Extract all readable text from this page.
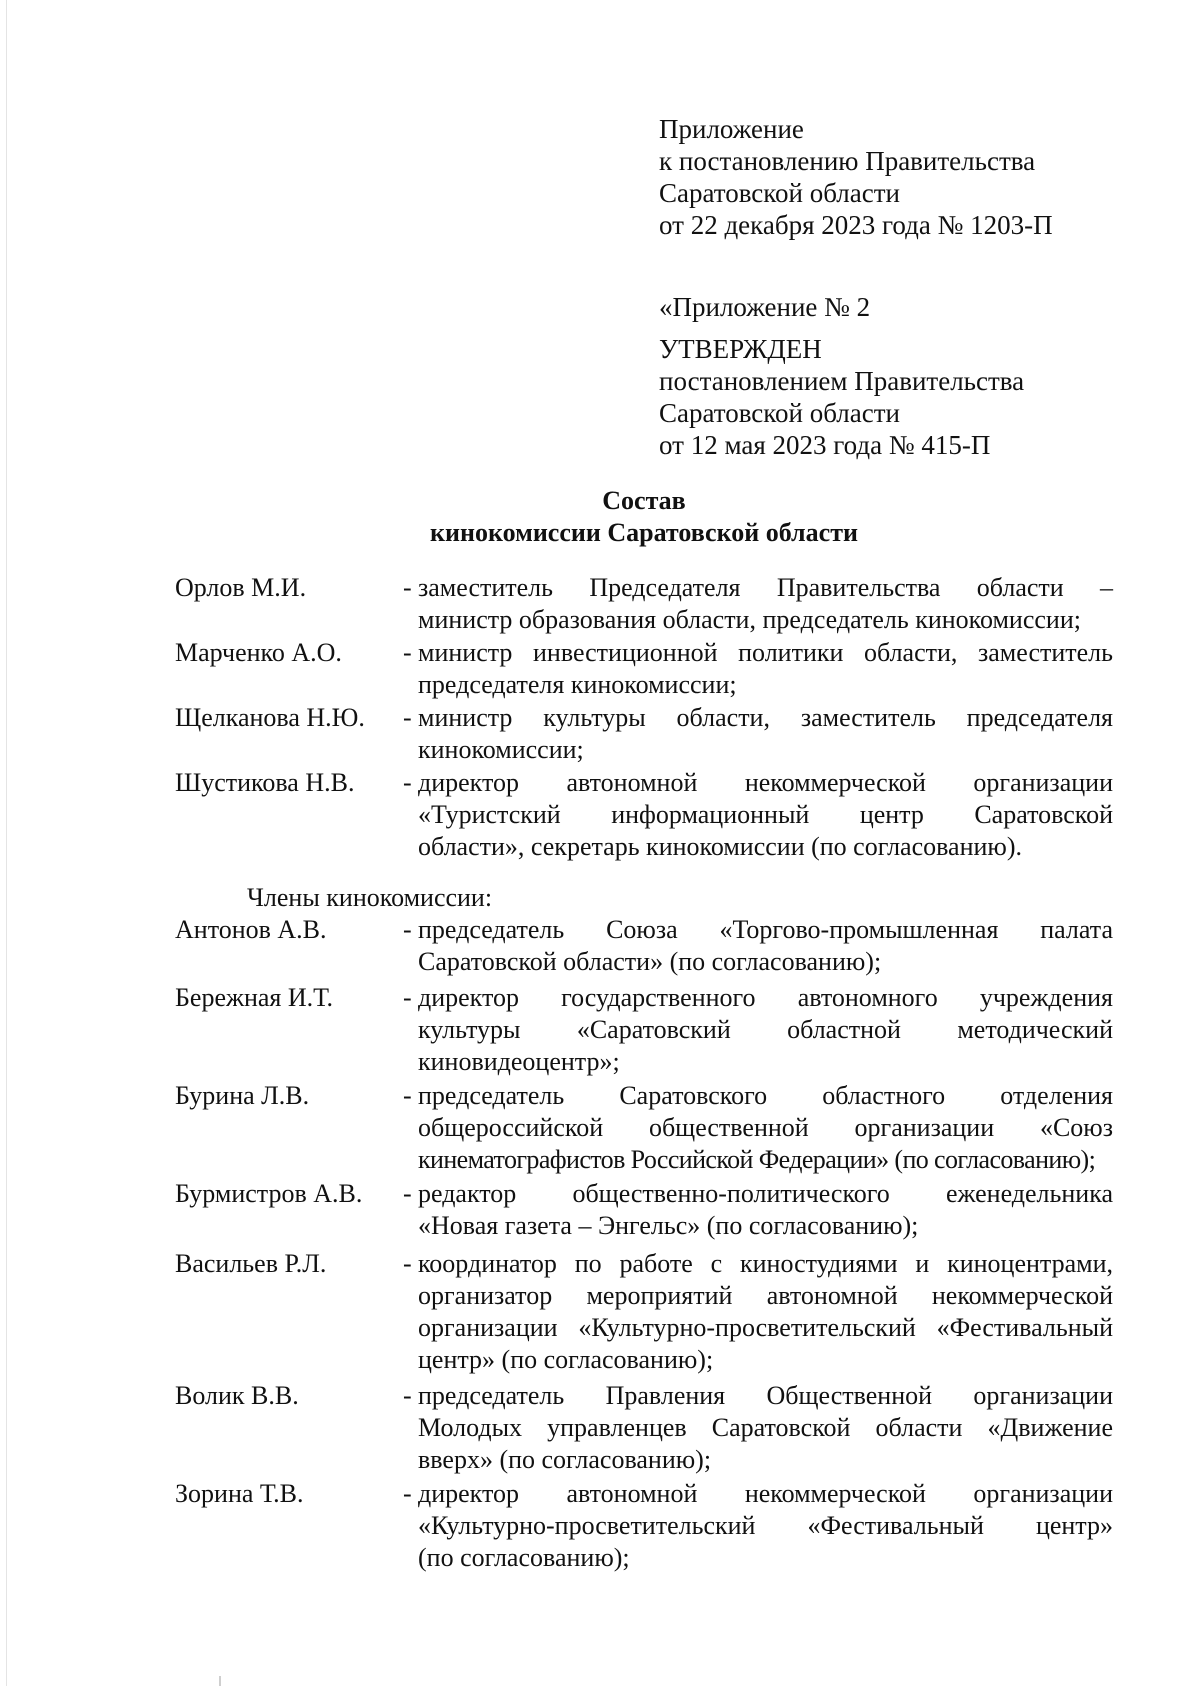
Приложение
к постановлению Правительства
Саратовской области
от 22 декабря 2023 года № 1203-П
«Приложение № 2
УТВЕРЖДЕН
постановлением Правительства
Саратовской области
от 12 мая 2023 года № 415-П
Состав
кинокомиссии Саратовской области
Орлов М.И.	- заместитель Председателя Правительства области –
министр образования области, председатель кинокомиссии;
Марченко А.О.	- министр инвестиционной политики области, заместитель
председателя кинокомиссии;
Щелканова Н.Ю.	- министр культуры области, заместитель председателя
кинокомиссии;
Шустикова Н.В.	- директор автономной некоммерческой организации
«Туристский информационный центр Саратовской
области», секретарь кинокомиссии (по согласованию).
Члены кинокомиссии:
Антонов А.В.	- председатель Союза «Торгово-промышленная палата
Саратовской области» (по согласованию);
Бережная И.Т.	- директор государственного автономного учреждения
культуры «Саратовский областной методический
киновидеоцентр»;
Бурина Л.В.	- председатель Саратовского областного отделения
общероссийской общественной организации «Союз
кинематографистов Российской Федерации» (по согласованию);
Бурмистров А.В.	- редактор общественно-политического еженедельника
«Новая газета – Энгельс» (по согласованию);
Васильев Р.Л.	- координатор по работе с киностудиями и киноцентрами,
организатор мероприятий автономной некоммерческой
организации «Культурно-просветительский «Фестивальный
центр» (по согласованию);
Волик В.В.	- председатель Правления Общественной организации
Молодых управленцев Саратовской области «Движение
вверх» (по согласованию);
Зорина Т.В.	- директор автономной некоммерческой организации
«Культурно-просветительский «Фестивальный центр»
(по согласованию);
